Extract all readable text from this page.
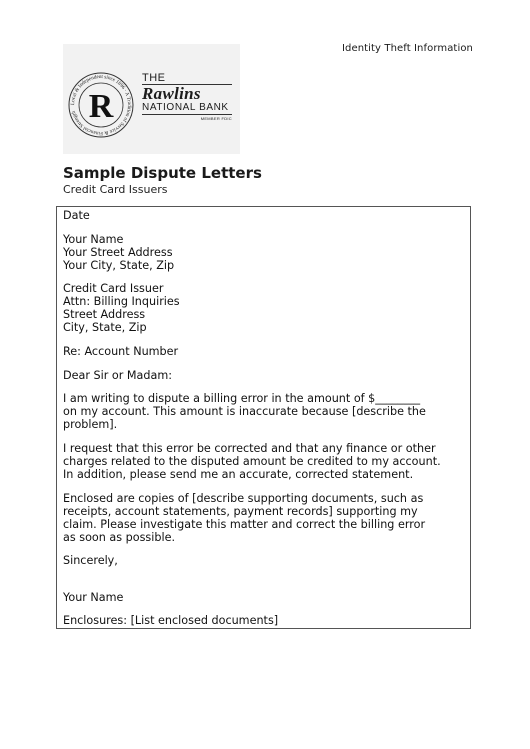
Identity Theft Information
Local & Independent since 1896 · A Tradition of Service & Financial Strength R
THE
Rawlins
NATIONAL BANK
MEMBER FDIC
Sample Dispute Letters
Credit Card Issuers

Date

Your Name
Your Street Address
Your City, State, Zip

Credit Card Issuer
Attn: Billing Inquiries
Street Address
City, State, Zip

Re: Account Number

Dear Sir or Madam:

I am writing to dispute a billing error in the amount of $________
on my account. This amount is inaccurate because [describe the
problem].

I request that this error be corrected and that any finance or other
charges related to the disputed amount be credited to my account.
In addition, please send me an accurate, corrected statement.

Enclosed are copies of [describe supporting documents, such as
receipts, account statements, payment records] supporting my
claim. Please investigate this matter and correct the billing error
as soon as possible.

Sincerely,

Your Name

Enclosures: [List enclosed documents]
